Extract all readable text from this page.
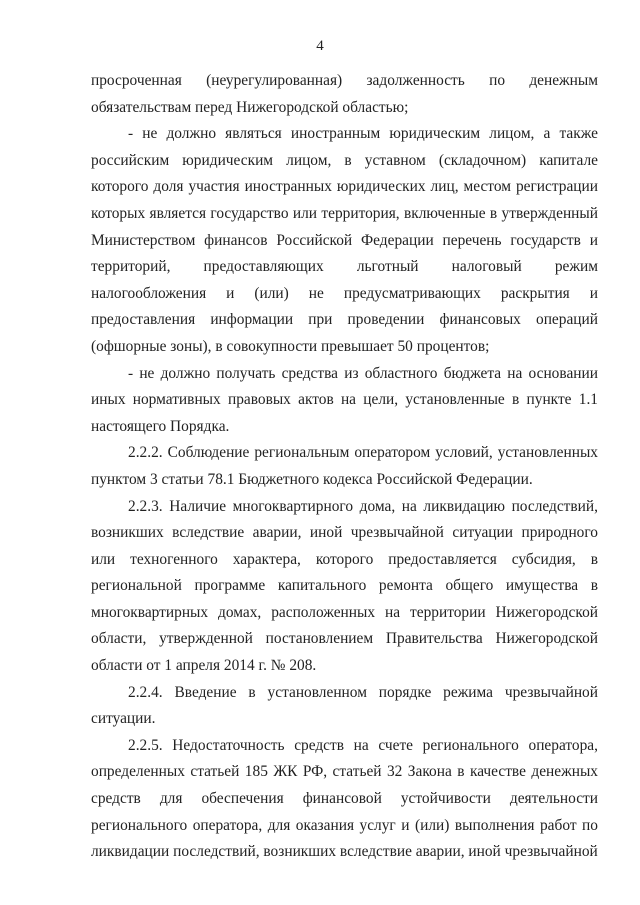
4

просроченная (неурегулированная) задолженность по денежным обязательствам перед Нижегородской областью;

- не должно являться иностранным юридическим лицом, а также российским юридическим лицом, в уставном (складочном) капитале которого доля участия иностранных юридических лиц, местом регистрации которых является государство или территория, включенные в утвержденный Министерством финансов Российской Федерации перечень государств и территорий, предоставляющих льготный налоговый режим налогообложения и (или) не предусматривающих раскрытия и предоставления информации при проведении финансовых операций (офшорные зоны), в совокупности превышает 50 процентов;

- не должно получать средства из областного бюджета на основании иных нормативных правовых актов на цели, установленные в пункте 1.1 настоящего Порядка.

2.2.2. Соблюдение региональным оператором условий, установленных пунктом 3 статьи 78.1 Бюджетного кодекса Российской Федерации.

2.2.3. Наличие многоквартирного дома, на ликвидацию последствий, возникших вследствие аварии, иной чрезвычайной ситуации природного или техногенного характера, которого предоставляется субсидия, в региональной программе капитального ремонта общего имущества в многоквартирных домах, расположенных на территории Нижегородской области, утвержденной постановлением Правительства Нижегородской области от 1 апреля 2014 г. № 208.

2.2.4. Введение в установленном порядке режима чрезвычайной ситуации.

2.2.5. Недостаточность средств на счете регионального оператора, определенных статьей 185 ЖК РФ, статьей 32 Закона в качестве денежных средств для обеспечения финансовой устойчивости деятельности регионального оператора, для оказания услуг и (или) выполнения работ по ликвидации последствий, возникших вследствие аварии, иной чрезвычайной
